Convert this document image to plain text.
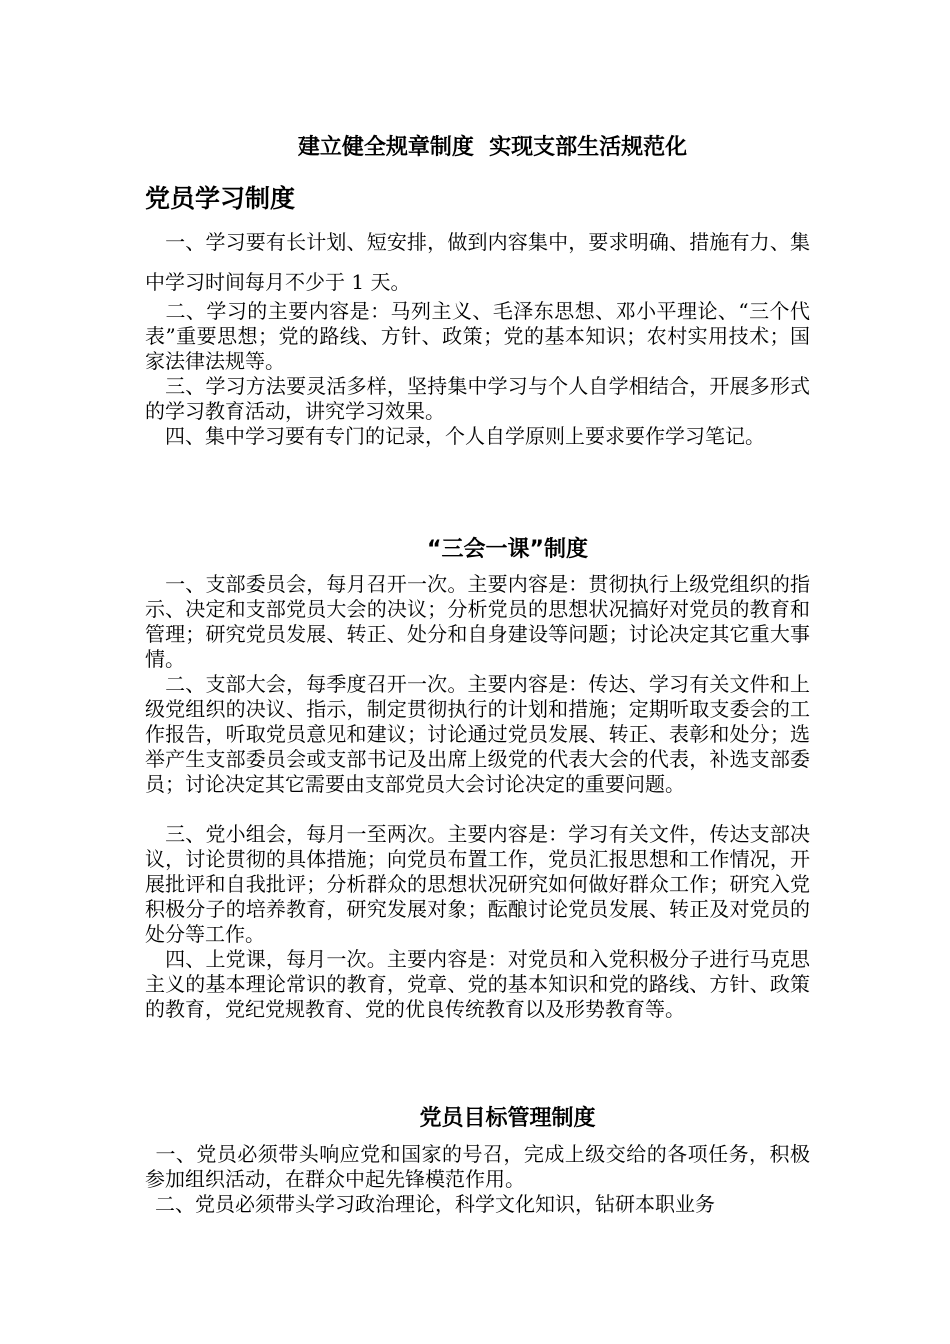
建立健全规章制度  实现支部生活规范化
党员学习制度
一、学习要有长计划、短安排，做到内容集中，要求明确、措施有力、集中学习时间每月不少于 1 天。
二、学习的主要内容是：马列主义、毛泽东思想、邓小平理论、“三个代表”重要思想；党的路线、方针、政策；党的基本知识；农村实用技术；国家法律法规等。
三、学习方法要灵活多样，坚持集中学习与个人自学相结合，开展多形式的学习教育活动，讲究学习效果。
四、集中学习要有专门的记录，个人自学原则上要求要作学习笔记。
“三会一课”制度
一、支部委员会，每月召开一次。主要内容是：贯彻执行上级党组织的指示、决定和支部党员大会的决议；分析党员的思想状况搞好对党员的教育和管理；研究党员发展、转正、处分和自身建设等问题；讨论决定其它重大事情。
二、支部大会，每季度召开一次。主要内容是：传达、学习有关文件和上级党组织的决议、指示，制定贯彻执行的计划和措施；定期听取支委会的工作报告，听取党员意见和建议；讨论通过党员发展、转正、表彰和处分；选举产生支部委员会或支部书记及出席上级党的代表大会的代表，补选支部委员；讨论决定其它需要由支部党员大会讨论决定的重要问题。
三、党小组会，每月一至两次。主要内容是：学习有关文件，传达支部决议，讨论贯彻的具体措施；向党员布置工作，党员汇报思想和工作情况，开展批评和自我批评；分析群众的思想状况研究如何做好群众工作；研究入党积极分子的培养教育，研究发展对象；酝酿讨论党员发展、转正及对党员的处分等工作。
四、上党课，每月一次。主要内容是：对党员和入党积极分子进行马克思主义的基本理论常识的教育，党章、党的基本知识和党的路线、方针、政策的教育，党纪党规教育、党的优良传统教育以及形势教育等。
党员目标管理制度
一、党员必须带头响应党和国家的号召，完成上级交给的各项任务，积极参加组织活动，在群众中起先锋模范作用。
二、党员必须带头学习政治理论，科学文化知识，钻研本职业务
